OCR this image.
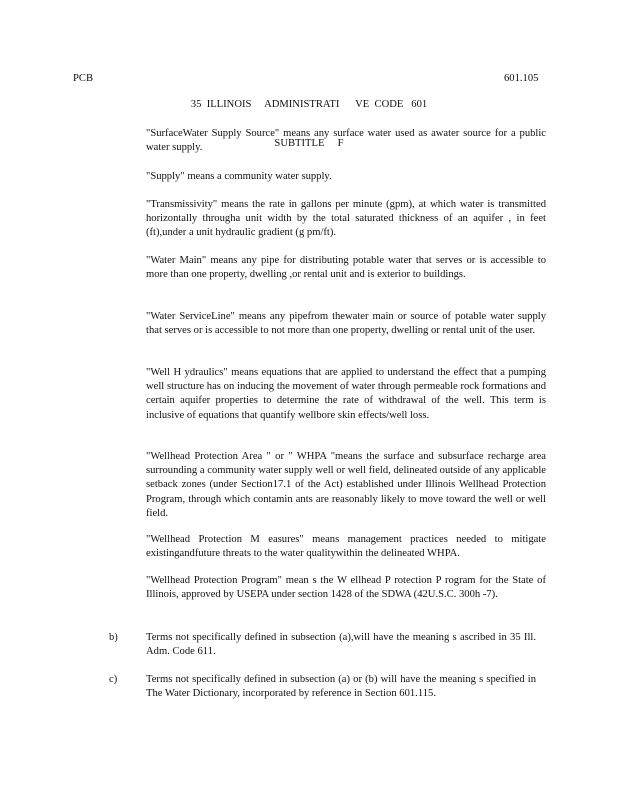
PCB

35  ILLINOIS     ADMINISTRATI      VE  CODE   601

SUBTITLE     F

601.105

"SurfaceWater Supply Source" means any surface water used as awater source for a public water supply.

"Supply" means a community water supply.

"Transmissivity" means the rate in gallons per minute (gpm), at which water is transmitted horizontally througha unit width by the total saturated thickness of an aquifer , in feet (ft),under a unit hydraulic gradient (g pm/ft).

"Water Main" means any pipe for distributing potable water that serves or is accessible to more than one property, dwelling ,or rental unit and is exterior to buildings.

"Water ServiceLine" means any pipefrom thewater main or source of potable water supply that serves or is accessible to not more than one property, dwelling or rental unit of the user.

"Well H ydraulics" means equations that are applied to understand the effect that a pumping well structure has on inducing the movement of water through permeable rock formations and certain aquifer properties to determine the rate of withdrawal of the well. This term is inclusive of equations that quantify wellbore skin effects/well loss.

"Wellhead Protection Area " or " WHPA "means the surface and subsurface recharge area surrounding a community water supply well or well field, delineated outside of any applicable setback zones (under Section17.1 of the Act) established under Illinois Wellhead Protection Program, through which contamin ants are reasonably likely to move toward the well or well field.

"Wellhead Protection M easures" means management practices needed to mitigate existingandfuture threats to the water qualitywithin the delineated WHPA.

"Wellhead Protection Program" mean s the W ellhead P rotection P rogram for the State of Illinois, approved by USEPA under section 1428 of the SDWA (42U.S.C. 300h -7).

b)	Terms not specifically defined in subsection (a),will have the meaning s ascribed in 35 Ill. Adm. Code 611.
c)	Terms not specifically defined in subsection (a) or (b) will have the meaning s specified in The Water Dictionary, incorporated by reference in Section 601.115.
